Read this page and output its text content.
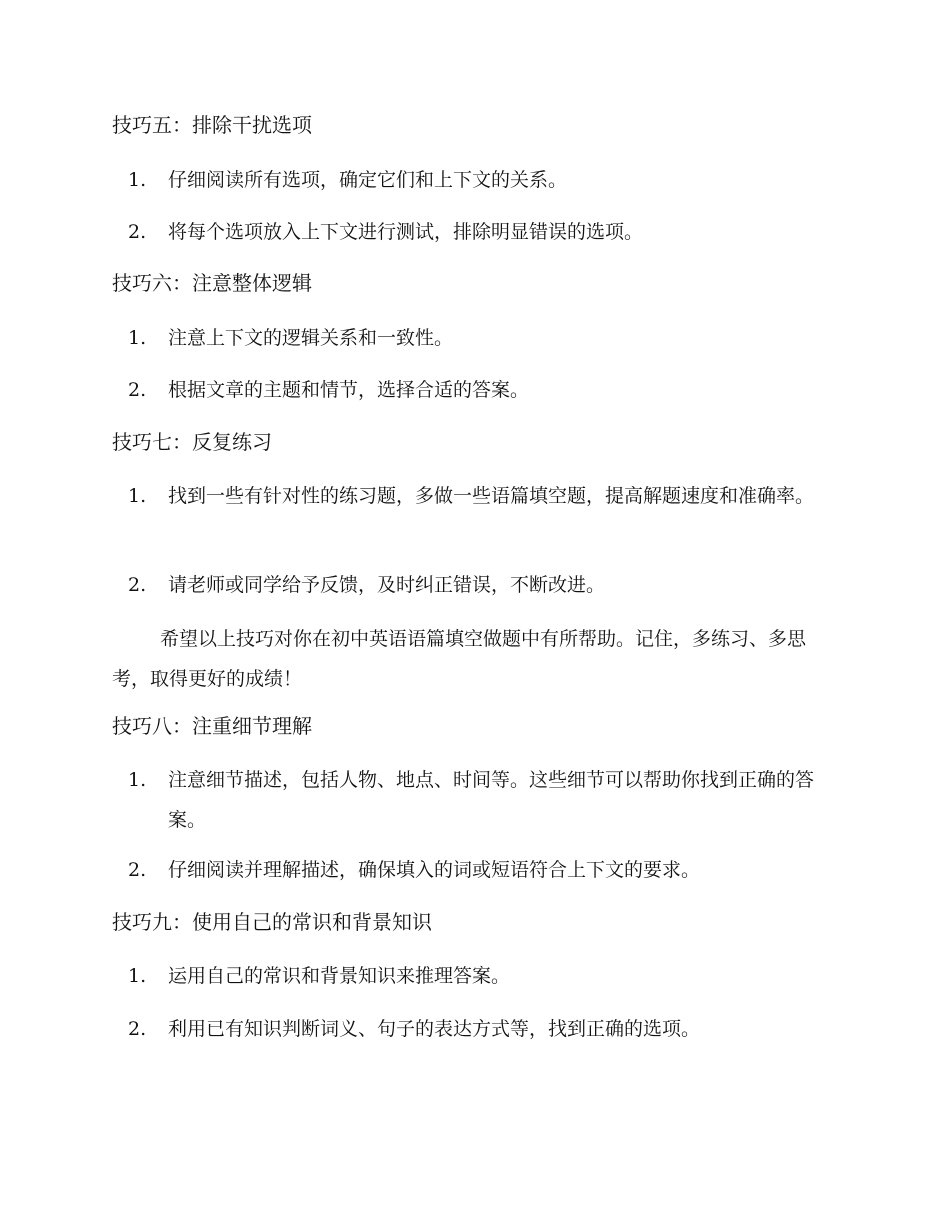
技巧五：排除干扰选项
1.	仔细阅读所有选项，确定它们和上下文的关系。
2.	将每个选项放入上下文进行测试，排除明显错误的选项。
技巧六：注意整体逻辑
1.	注意上下文的逻辑关系和一致性。
2.	根据文章的主题和情节，选择合适的答案。
技巧七：反复练习
1.	找到一些有针对性的练习题，多做一些语篇填空题，提高解题速度和准确率。
2.	请老师或同学给予反馈，及时纠正错误，不断改进。

希望以上技巧对你在初中英语语篇填空做题中有所帮助。记住，多练习、多思考，取得更好的成绩！

技巧八：注重细节理解
1.	注意细节描述，包括人物、地点、时间等。这些细节可以帮助你找到正确的答案。
2.	仔细阅读并理解描述，确保填入的词或短语符合上下文的要求。
技巧九：使用自己的常识和背景知识
1.	运用自己的常识和背景知识来推理答案。
2.	利用已有知识判断词义、句子的表达方式等，找到正确的选项。
